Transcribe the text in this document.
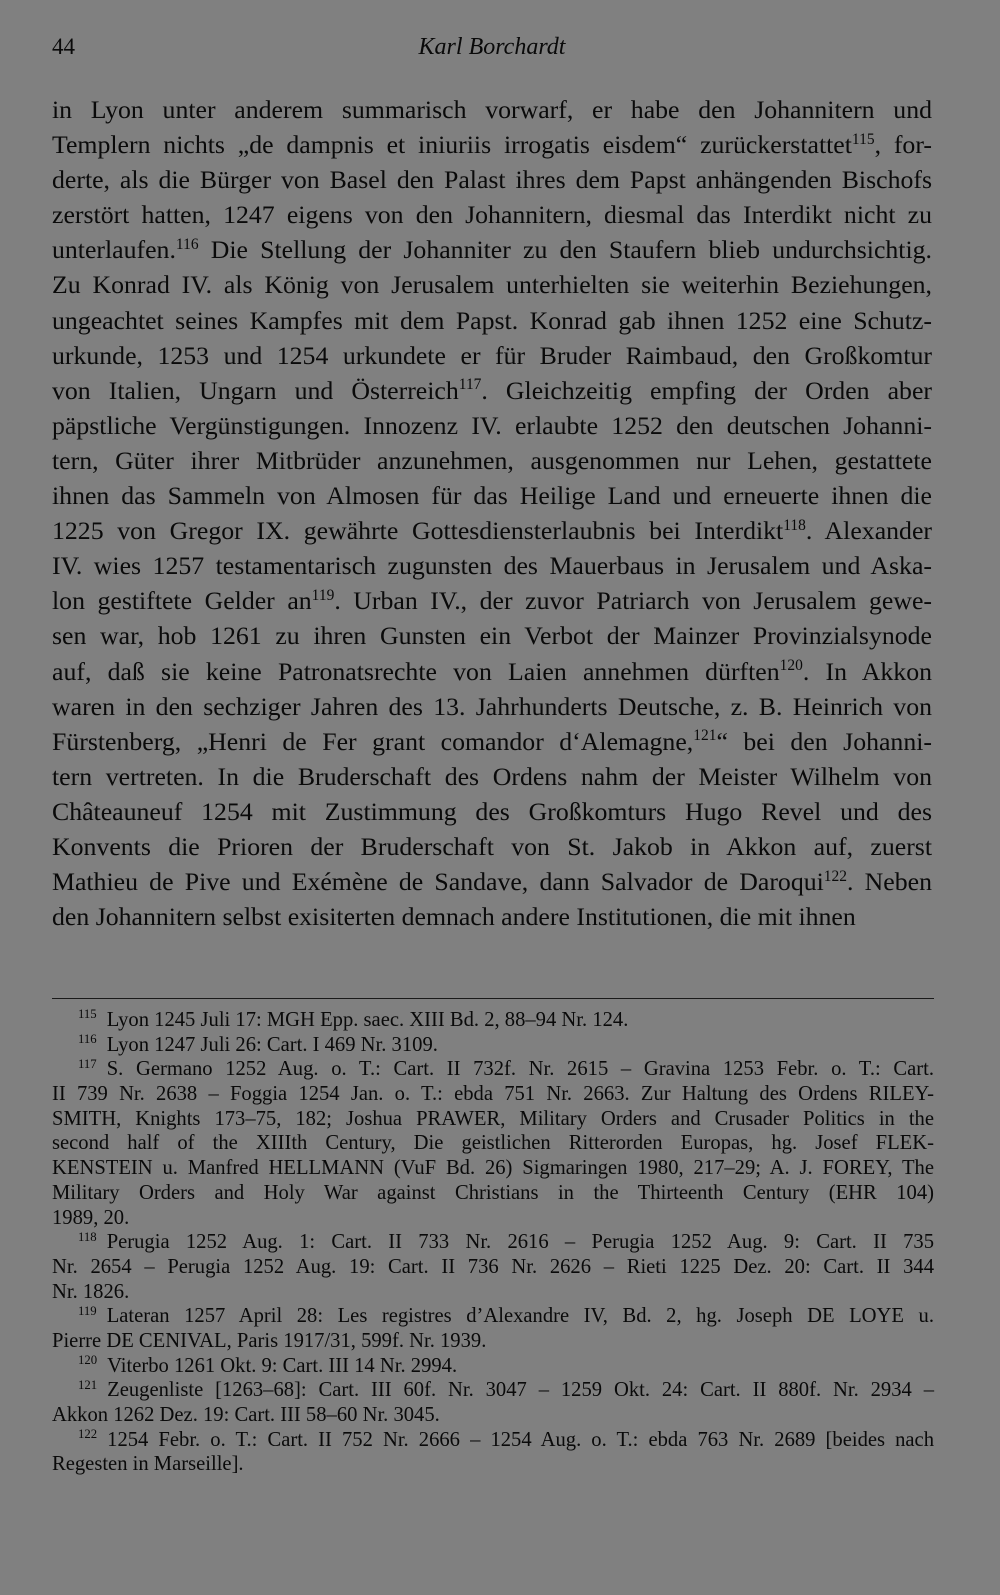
44	Karl Borchardt
in Lyon unter anderem summarisch vorwarf, er habe den Johannitern und
Templern nichts „de dampnis et iniuriis irrogatis eisdem“ zurückerstattet$^{115}$, for-
derte, als die Bürger von Basel den Palast ihres dem Papst anhängenden Bischofs
zerstört hatten, 1247 eigens von den Johannitern, diesmal das Interdikt nicht zu
unterlaufen.$^{116}$ Die Stellung der Johanniter zu den Staufern blieb undurchsichtig.
Zu Konrad IV. als König von Jerusalem unterhielten sie weiterhin Beziehungen,
ungeachtet seines Kampfes mit dem Papst. Konrad gab ihnen 1252 eine Schutz-
urkunde, 1253 und 1254 urkundete er für Bruder Raimbaud, den Großkomtur
von Italien, Ungarn und Österreich$^{117}$. Gleichzeitig empfing der Orden aber
päpstliche Vergünstigungen. Innozenz IV. erlaubte 1252 den deutschen Johanni-
tern, Güter ihrer Mitbrüder anzunehmen, ausgenommen nur Lehen, gestattete
ihnen das Sammeln von Almosen für das Heilige Land und erneuerte ihnen die
1225 von Gregor IX. gewährte Gottesdiensterlaubnis bei Interdikt$^{118}$. Alexander
IV. wies 1257 testamentarisch zugunsten des Mauerbaus in Jerusalem und Aska-
lon gestiftete Gelder $an^{119}$. Urban IV., der zuvor Patriarch von Jerusalem gewe-
sen war, hob 1261 zu ihren Gunsten ein Verbot der Mainzer Provinzialsynode
auf, daß sie keine Patronatsrechte von Laien annehmen dürften$^{120}$. In Akkon
waren in den sechziger Jahren des 13. Jahrhunderts Deutsche, z. B. Heinrich von
Fürstenberg, „Henri de Fer grant comandor d‘Alemagne,$^{121}$“ bei den Johanni-
tern vertreten. In die Bruderschaft des Ordens nahm der Meister Wilhelm von
Châteauneuf 1254 mit Zustimmung des Großkomturs Hugo Revel und des
Konvents die Prioren der Bruderschaft von St. Jakob in Akkon auf, zuerst
Mathieu de Pive und Exémène de Sandave, dann Salvador de Daroqui$^{122}$. Neben
den Johannitern selbst exisiterten demnach andere Institutionen, die mit ihnen
$^{115}$ Lyon 1245 Juli 17: MGH Epp. saec. XIII Bd. 2, 88–94 Nr. 124.
$^{116}$ Lyon 1247 Juli 26: Cart. I 469 Nr. 3109.
$^{117}$ S. Germano 1252 Aug. o. T.: Cart. II 732f. Nr. 2615 – Gravina 1253 Febr. o. T.: Cart.
II 739 Nr. 2638 – Foggia 1254 Jan. o. T.: ebda 751 Nr. 2663. Zur Haltung des Ordens RILEY-
SMITH, Knights 173–75, 182; Joshua PRAWER, Military Orders and Crusader Politics in the
second half of the XIIIth Century, Die geistlichen Ritterorden Europas, hg. Josef FLEK-
KENSTEIN u. Manfred HELLMANN (VuF Bd. 26) Sigmaringen 1980, 217–29; A. J. FOREY, The
Military Orders and Holy War against Christians in the Thirteenth Century (EHR 104)
1989, 20.
$^{118}$ Perugia 1252 Aug. 1: Cart. II 733 Nr. 2616 – Perugia 1252 Aug. 9: Cart. II 735
Nr. 2654 – Perugia 1252 Aug. 19: Cart. II 736 Nr. 2626 – Rieti 1225 Dez. 20: Cart. II 344
Nr. 1826.
$^{119}$ Lateran 1257 April 28: Les registres d’Alexandre IV, Bd. 2, hg. Joseph DE LOYE u.
Pierre DE CENIVAL, Paris 1917/31, 599f. Nr. 1939.
$^{120}$ Viterbo 1261 Okt. 9: Cart. III 14 Nr. 2994.
$^{121}$ Zeugenliste [1263–68]: Cart. III 60f. Nr. 3047 – 1259 Okt. 24: Cart. II 880f. Nr. 2934 –
Akkon 1262 Dez. 19: Cart. III 58–60 Nr. 3045.
$^{122}$ 1254 Febr. o. T.: Cart. II 752 Nr. 2666 – 1254 Aug. o. T.: ebda 763 Nr. 2689 [beides nach
Regesten in Marseille].
